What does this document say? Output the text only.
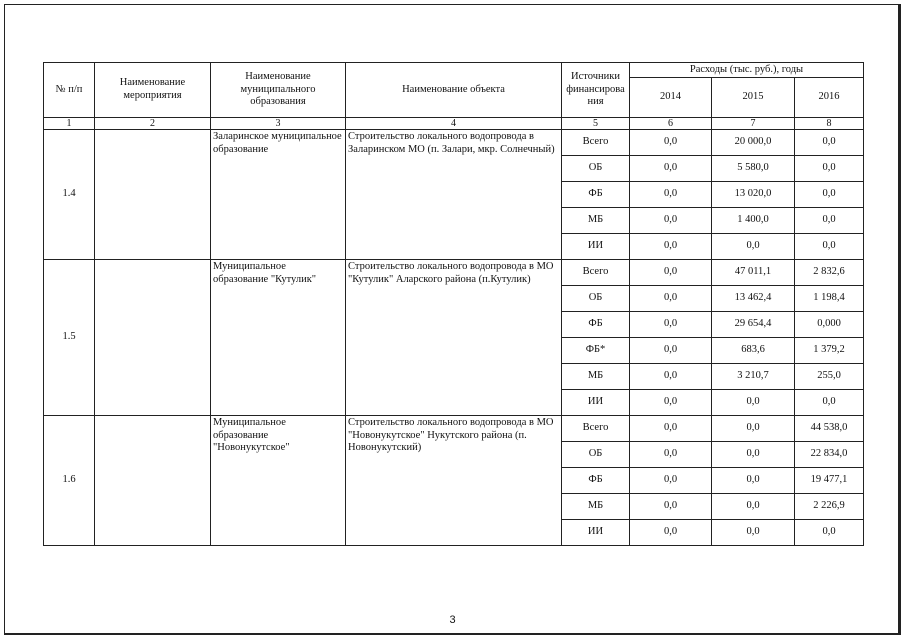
№ п/п	Наименование мероприятия	Наименование муниципального образования	Наименование объекта	Источники финансирова ния	Расходы (тыс. руб.), годы		
					2014	2015	2016
1	2	3	4	5	6	7	8
1.4		Заларинское муниципальное образование	Строительство локального водопровода в Заларинском МО (п. Залари, мкр. Солнечный)	Всего	0,0	20 000,0	0,0
				ОБ	0,0	5 580,0	0,0
				ФБ	0,0	13 020,0	0,0
				МБ	0,0	1 400,0	0,0
				ИИ	0,0	0,0	0,0
1.5		Муниципальное образование "Кутулик"	Строительство локального водопровода в МО "Кутулик" Аларского района (п.Кутулик)	Всего	0,0	47 011,1	2 832,6
				ОБ	0,0	13 462,4	1 198,4
				ФБ	0,0	29 654,4	0,000
				ФБ*	0,0	683,6	1 379,2
				МБ	0,0	3 210,7	255,0
				ИИ	0,0	0,0	0,0
1.6		Муниципальное образование "Новонукутское"	Строительство локального водопровода в МО "Новонукутское" Нукутского района (п. Новонукутский)	Всего	0,0	0,0	44 538,0
				ОБ	0,0	0,0	22 834,0
				ФБ	0,0	0,0	19 477,1
				МБ	0,0	0,0	2 226,9
				ИИ	0,0	0,0	0,0
3
